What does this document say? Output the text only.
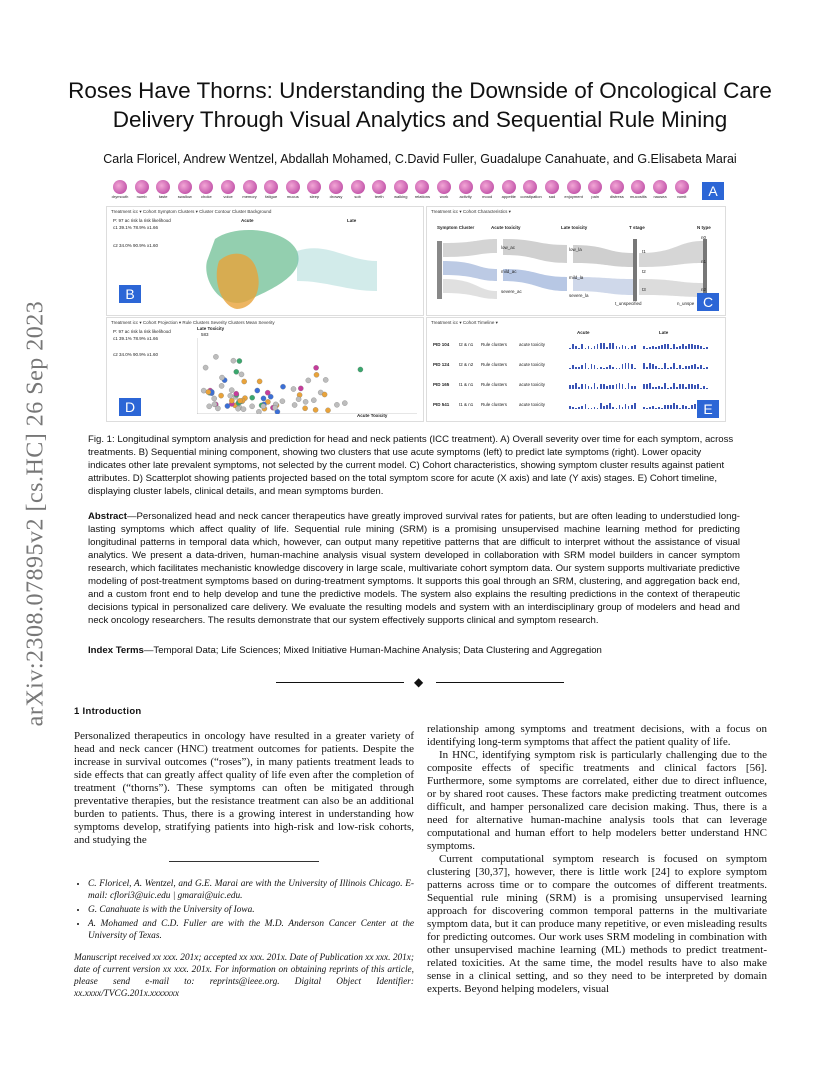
arXiv:2308.07895v2 [cs.HC] 26 Sep 2023
Roses Have Thorns: Understanding the Downside of Oncological Care Delivery Through Visual Analytics and Sequential Rule Mining
Carla Floricel, Andrew Wentzel, Abdallah Mohamed, C.David Fuller, Guadalupe Canahuate, and G.Elisabeta Marai
drymouth	numb	taste	swallow	choke	voice	memory	fatigue	mucus	sleep	drowsy	sob	teeth	walking	relations	work	activity	mood	appetite	constipation	sad	enjoyment	pain	distress	mucositis	nausea	vomit	A
Treatment icc ▾ Cohort Symptom Clusters ▾ Cluster Contour Cluster Background
P: 97 ac risk la risk likelihood
c1 39.1% 78.9% x1.66
c2 34.0% 90.9% x1.60
Acute	Late
B
Treatment icc ▾ Cohort Characteristics ▾
Symptom Cluster	Acute toxicity	Late toxicity	T stage	N type
low_ac
mild_ac
severe_ac
low_la
mild_la
severe_la
t1
t2
t3
t_unspecified
n0
n1
n2
n_unspe C
Treatment icc ▾ Cohort Projection ▾ Rule Clusters Severity Clusters Mean Severity
P: 97 ac risk la risk likelihood
c1 39.1% 78.9% x1.66
c2 34.0% 90.9% x1.60
Late Toxicity
583
Acute Toxicity
D
Treatment icc ▾ Cohort Timeline ▾
Acute	Late
PID 104 t2 & n1 Rule clusters	acute toxicity
PID 124 t2 & n2 Rule clusters	acute toxicity
PID 165 t1 & n1 Rule clusters	acute toxicity
PID 541 t1 & n1 Rule clusters	acute toxicity	E
Fig. 1: Longitudinal symptom analysis and prediction for head and neck patients (ICC treatment). A) Overall severity over time for each symptom, across treatments. B) Sequential mining component, showing two clusters that use acute symptoms (left) to predict late symptoms (right). Lower opacity indicates other late prevalent symptoms, not selected by the current model. C) Cohort characteristics, showing symptom cluster results against patient attributes. D) Scatterplot showing patients projected based on the total symptom score for acute (X axis) and late (Y axis) stages. E) Cohort timeline, displaying cluster labels, clinical details, and mean symptoms burden.
Abstract—Personalized head and neck cancer therapeutics have greatly improved survival rates for patients, but are often leading to understudied long-lasting symptoms which affect quality of life. Sequential rule mining (SRM) is a promising unsupervised machine learning method for predicting longitudinal patterns in temporal data which, however, can output many repetitive patterns that are difficult to interpret without the assistance of visual analytics. We present a data-driven, human-machine analysis visual system developed in collaboration with SRM model builders in cancer symptom research, which facilitates mechanistic knowledge discovery in large scale, multivariate cohort symptom data. Our system supports multivariate predictive modeling of post-treatment symptoms based on during-treatment symptoms. It supports this goal through an SRM, clustering, and aggregation back end, and a custom front end to help develop and tune the predictive models. The system also explains the resulting predictions in the context of therapeutic decisions typical in personalized care delivery. We evaluate the resulting models and system with an interdisciplinary group of modelers and head and neck oncology researchers. The results demonstrate that our system effectively supports clinical and symptom research.
Index Terms—Temporal Data; Life Sciences; Mixed Initiative Human-Machine Analysis; Data Clustering and Aggregation
◆
1 Introduction

Personalized therapeutics in oncology have resulted in a greater variety of head and neck cancer (HNC) treatment outcomes for patients. Despite the increase in survival outcomes (“roses”), in many patients treatment leads to side effects that can greatly affect quality of life even after the completion of treatment (“thorns”). These symptoms can often be mitigated through preventative therapies, but the resistance treatment can also be an additional burden to patients. Thus, there is a growing interest in understanding how symptoms develop, stratifying patients into high-risk and low-risk cohorts, and studying the

• C. Floricel, A. Wentzel, and G.E. Marai are with the University of Illinois Chicago. E-mail: cflori3@uic.edu | gmarai@uic.edu.
• G. Canahuate is with the University of Iowa.
• A. Mohamed and C.D. Fuller are with the M.D. Anderson Cancer Center at the University of Texas.
Manuscript received xx xxx. 201x; accepted xx xxx. 201x. Date of Publication xx xxx. 201x; date of current version xx xxx. 201x. For information on obtaining reprints of this article, please send e-mail to: reprints@ieee.org. Digital Object Identifier: xx.xxxx/TVCG.201x.xxxxxxx

relationship among symptoms and treatment decisions, with a focus on identifying long-term symptoms that affect the patient quality of life.

In HNC, identifying symptom risk is particularly challenging due to the composite effects of specific treatments and clinical factors [56]. Furthermore, some symptoms are correlated, either due to direct influence, or by shared root causes. These factors make predicting treatment outcomes difficult, and hamper personalized care decision making. Thus, there is a need for alternative human-machine analysis tools that can leverage computational and human effort to help modelers better understand HNC symptoms.

Current computational symptom research is focused on symptom clustering [30,37], however, there is little work [24] to explore symptom patterns across time or to compare the outcomes of different treatments. Sequential rule mining (SRM) is a promising unsupervised learning approach for discovering common temporal patterns in the multivariate symptom data, but it can produce many repetitive, or even misleading results for predicting outcomes. Our work uses SRM modeling in combination with other unsupervised machine learning (ML) methods to predict treatment-related toxicities. At the same time, the model results have to also make sense in a clinical setting, and so they need to be interpreted by domain experts. Beyond helping modelers, visual
